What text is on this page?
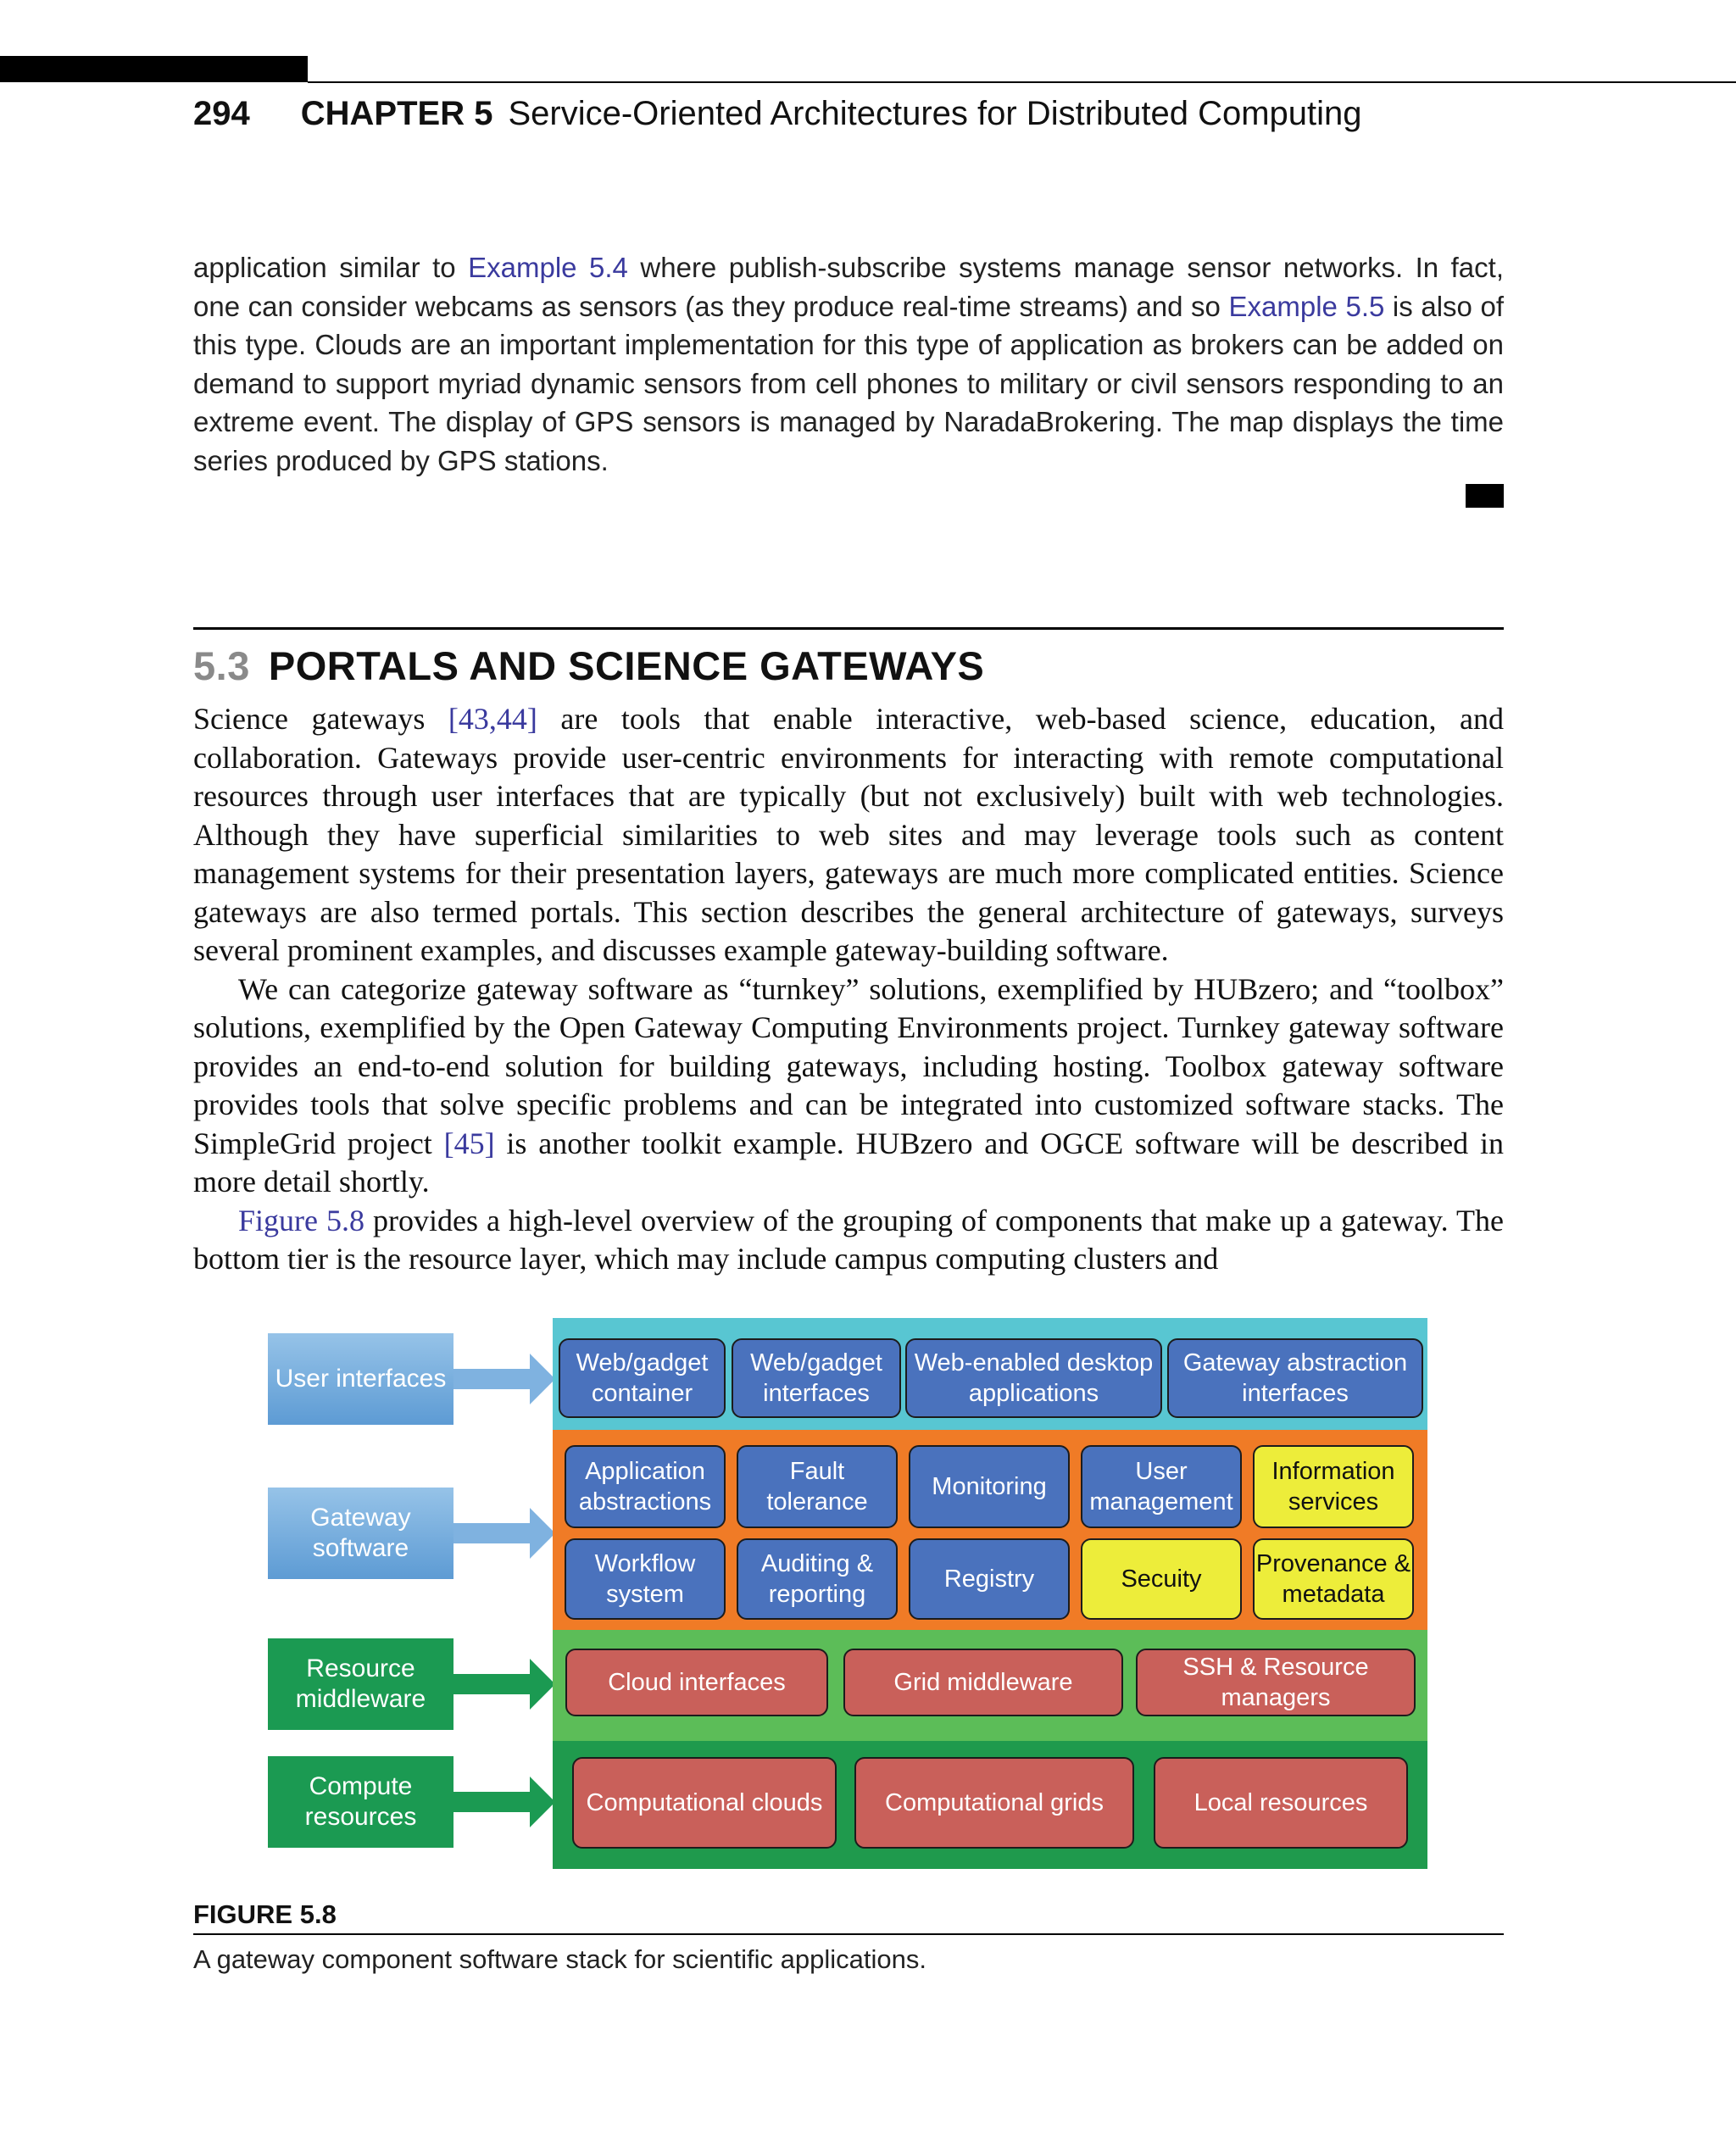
294 CHAPTER 5 Service-Oriented Architectures for Distributed Computing

application similar to Example 5.4 where publish-subscribe systems manage sensor networks. In fact, one can consider webcams as sensors (as they produce real-time streams) and so Example 5.5 is also of this type. Clouds are an important implementation for this type of application as brokers can be added on demand to support myriad dynamic sensors from cell phones to military or civil sensors responding to an extreme event. The display of GPS sensors is managed by NaradaBrokering. The map displays the time series produced by GPS stations.

5.3 PORTALS AND SCIENCE GATEWAYS

Science gateways [43,44] are tools that enable interactive, web-based science, education, and collaboration. Gateways provide user-centric environments for interacting with remote computational resources through user interfaces that are typically (but not exclusively) built with web technologies. Although they have superficial similarities to web sites and may leverage tools such as content management systems for their presentation layers, gateways are much more complicated entities. Science gateways are also termed portals. This section describes the general architecture of gateways, surveys several prominent examples, and discusses example gateway-building software.

We can categorize gateway software as “turnkey” solutions, exemplified by HUBzero; and “toolbox” solutions, exemplified by the Open Gateway Computing Environments project. Turnkey gateway software provides an end-to-end solution for building gateways, including hosting. Toolbox gateway software provides tools that solve specific problems and can be integrated into customized software stacks. The SimpleGrid project [45] is another toolkit example. HUBzero and OGCE software will be described in more detail shortly.

Figure 5.8 provides a high-level overview of the grouping of components that make up a gateway. The bottom tier is the resource layer, which may include campus computing clusters and

User interfaces
Gateway software
Resource middleware
Compute resources
Web/gadget container
Web/gadget interfaces
Web-enabled desktop applications
Gateway abstraction interfaces
Application abstractions
Fault tolerance
Monitoring
User management
Information services
Workflow system
Auditing & reporting
Registry	Secuity
Provenance & metadata
Cloud interfaces	Grid middleware
SSH & Resource managers
Computational clouds	Computational grids	Local resources
FIGURE 5.8
A gateway component software stack for scientific applications.
